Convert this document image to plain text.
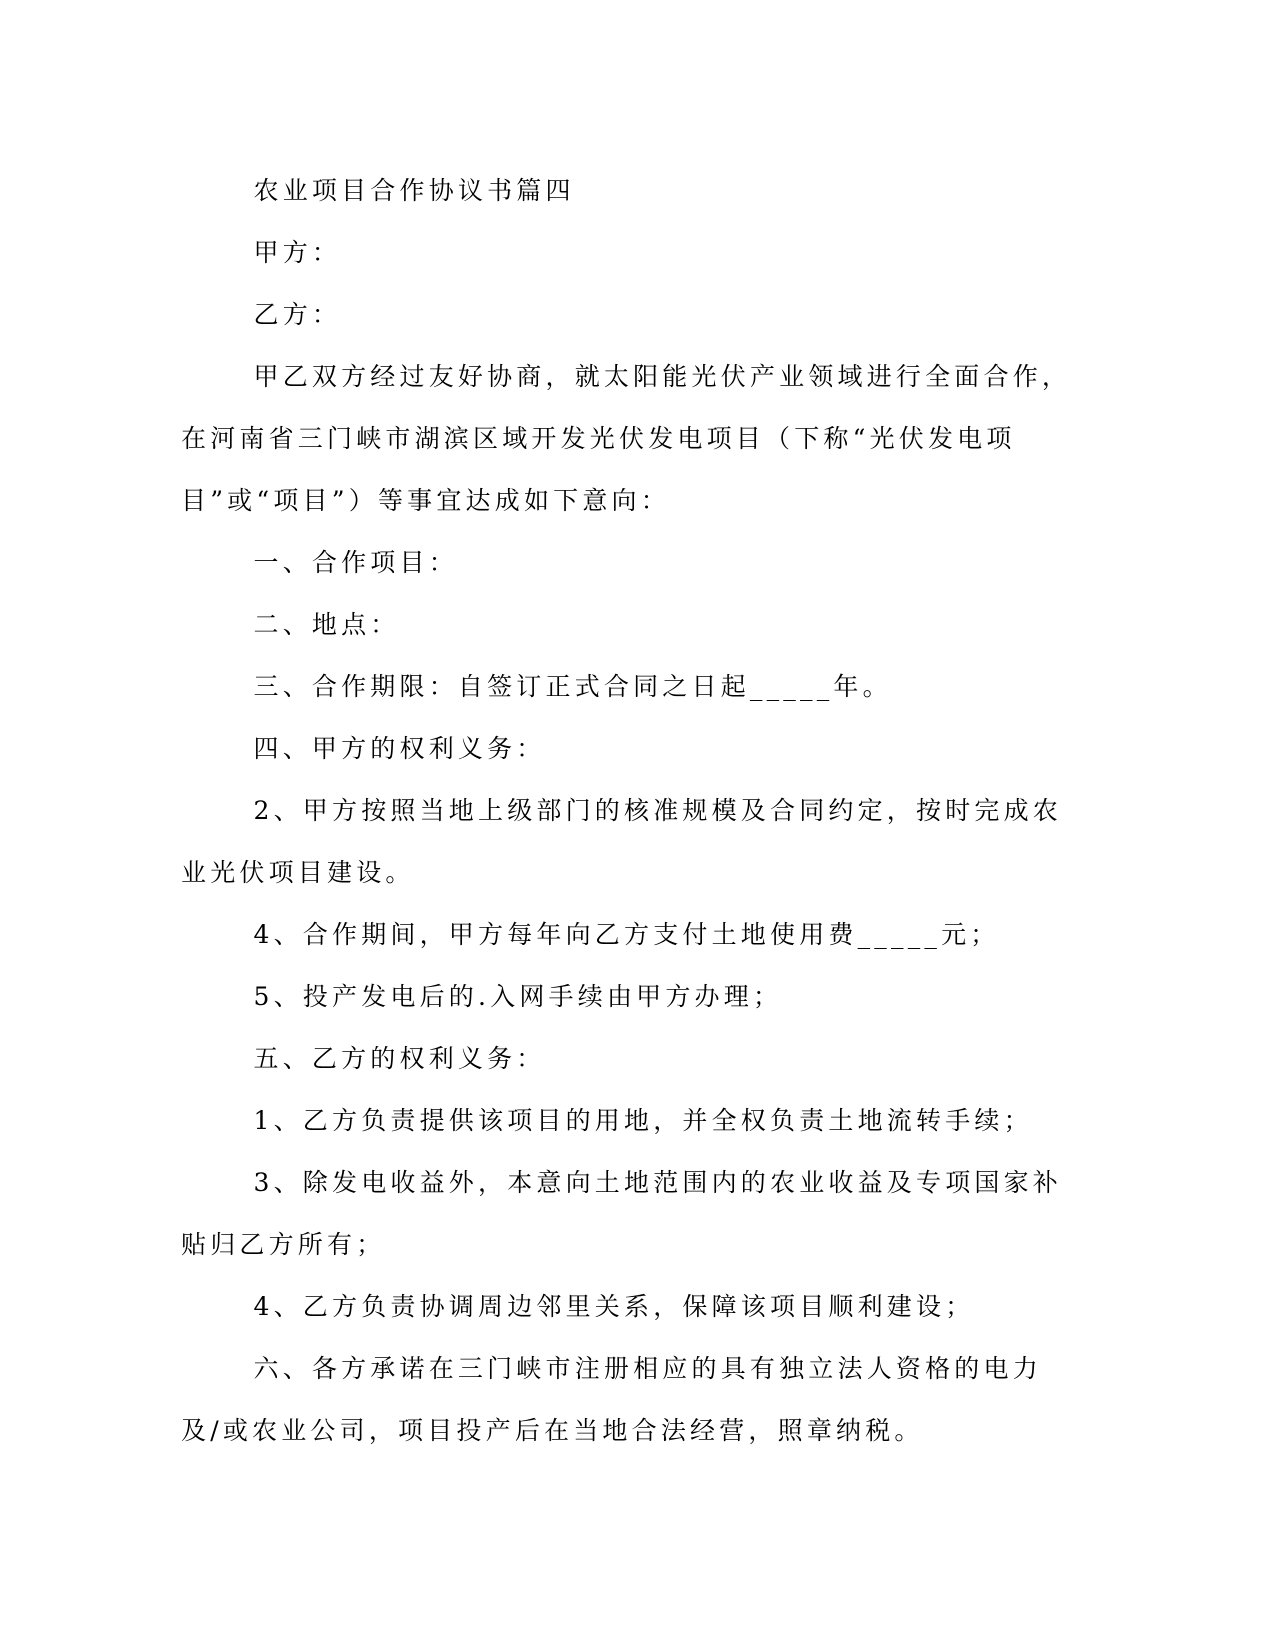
农业项目合作协议书篇四

甲方：

乙方：

甲乙双方经过友好协商，就太阳能光伏产业领域进行全面合作，在河南省三门峡市湖滨区域开发光伏发电项目（下称“光伏发电项目”或“项目”）等事宜达成如下意向：

一、合作项目：

二、地点：

三、合作期限：自签订正式合同之日起_____年。

四、甲方的权利义务：

2、甲方按照当地上级部门的核准规模及合同约定，按时完成农业光伏项目建设。

4、合作期间，甲方每年向乙方支付土地使用费_____元；

5、投产发电后的.入网手续由甲方办理；

五、乙方的权利义务：

1、乙方负责提供该项目的用地，并全权负责土地流转手续；

3、除发电收益外，本意向土地范围内的农业收益及专项国家补贴归乙方所有；

4、乙方负责协调周边邻里关系，保障该项目顺利建设；

六、各方承诺在三门峡市注册相应的具有独立法人资格的电力及/或农业公司，项目投产后在当地合法经营，照章纳税。
